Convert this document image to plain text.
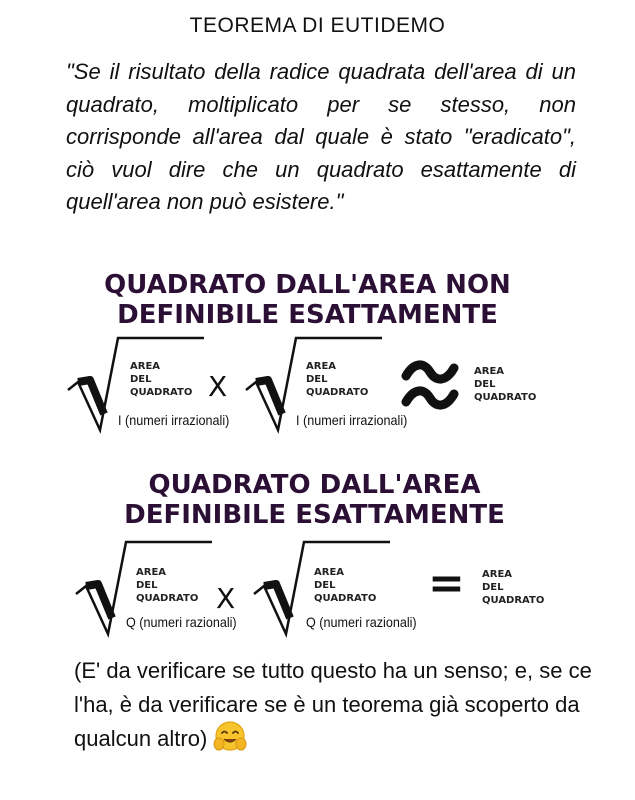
TEOREMA DI EUTIDEMO
"Se il risultato della radice quadrata dell'area di un quadrato, moltiplicato per se stesso, non corrisponde all'area dal quale è stato "eradicato", ciò vuol dire che un quadrato esattamente di quell'area non può esistere."
QUADRATO DALL'AREA NON
DEFINIBILE ESATTAMENTE
AREA
DEL
QUADRATO
I (numeri irrazionali)
X
AREA
DEL
QUADRATO
I (numeri irrazionali)
AREA
DEL
QUADRATO
QUADRATO DALL'AREA
DEFINIBILE ESATTAMENTE
AREA
DEL
QUADRATO
Q (numeri razionali)
X
AREA
DEL
QUADRATO
Q (numeri razionali)
= AREA
DEL
QUADRATO
(E' da verificare se tutto questo ha un senso; e, se ce l'ha, è da verificare se è un teorema già scoperto da qualcun altro)
